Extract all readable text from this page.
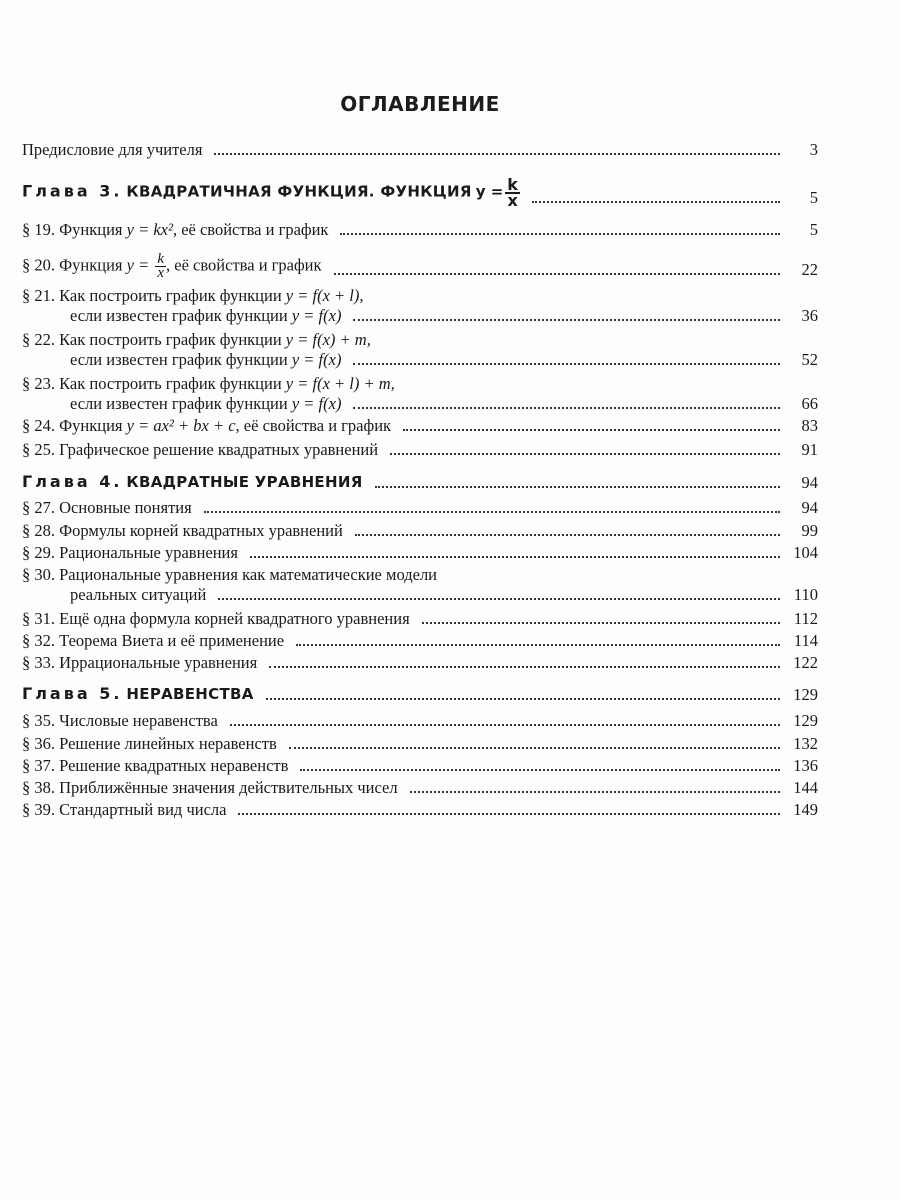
ОГЛАВЛЕНИЕ
Предисловие для учителя	3
Глава 3. КВАДРАТИЧНАЯ ФУНКЦИЯ. ФУНКЦИЯ $y = \frac{k}{x}$	5
§ 19. Функция y = kx², её свойства и график	5
§ 20. Функция $y = \frac{k}{x}$ , её свойства и график	22
§ 21. Как построить график функции y = f(x + l),
если известен график функции y = f(x)	36
§ 22. Как построить график функции y = f(x) + m,
если известен график функции y = f(x)	52
§ 23. Как построить график функции y = f(x + l) + m,
если известен график функции y = f(x)	66
§ 24. Функция y = ax² + bx + c, её свойства и график	83
§ 25. Графическое решение квадратных уравнений	91
Глава 4. КВАДРАТНЫЕ УРАВНЕНИЯ	94
§ 27. Основные понятия	94
§ 28. Формулы корней квадратных уравнений	99
§ 29. Рациональные уравнения	104
§ 30. Рациональные уравнения как математические модели
реальных ситуаций	110
§ 31. Ещё одна формула корней квадратного уравнения	112
§ 32. Теорема Виета и её применение	114
§ 33. Иррациональные уравнения	122
Глава 5. НЕРАВЕНСТВА	129
§ 35. Числовые неравенства	129
§ 36. Решение линейных неравенств	132
§ 37. Решение квадратных неравенств	136
§ 38. Приближённые значения действительных чисел	144
§ 39. Стандартный вид числа	149
